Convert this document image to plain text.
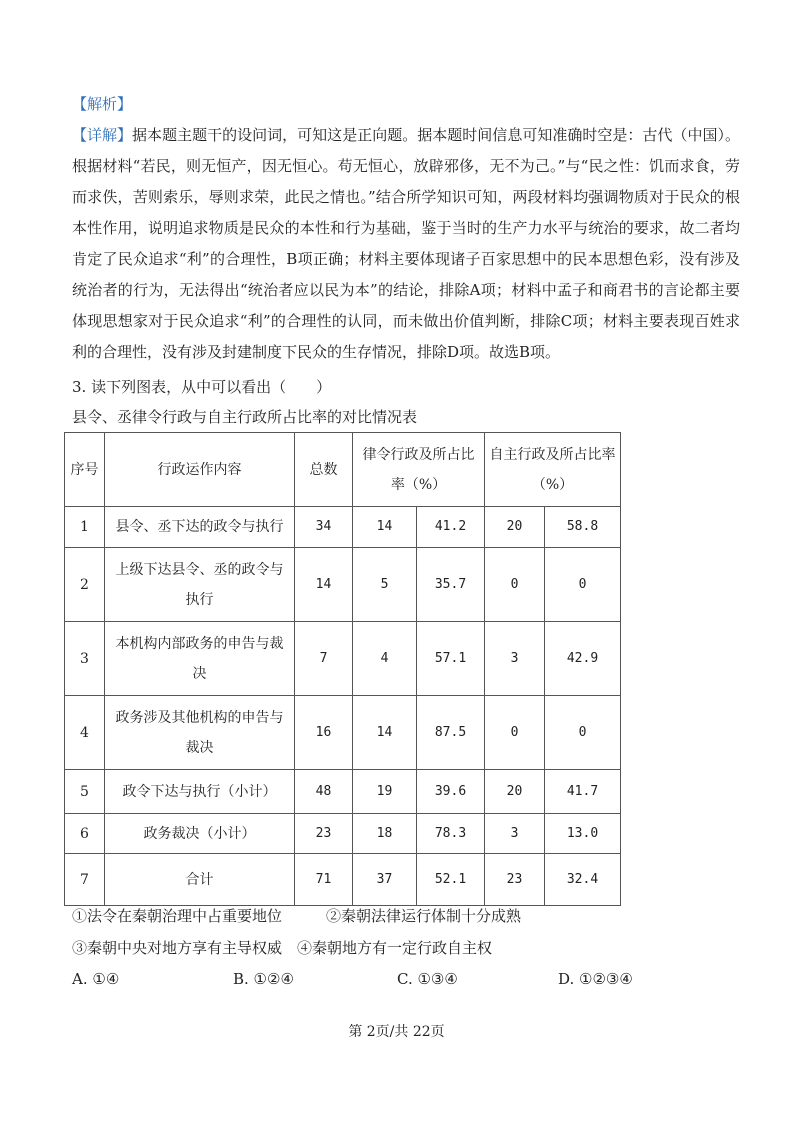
【解析】
【详解】据本题主题干的设问词，可知这是正向题。据本题时间信息可知准确时空是：古代（中国）。根据材料“若民，则无恒产，因无恒心。苟无恒心，放辟邪侈，无不为己。”与“民之性：饥而求食，劳而求佚，苦则索乐，辱则求荣，此民之情也。”结合所学知识可知，两段材料均强调物质对于民众的根本性作用，说明追求物质是民众的本性和行为基础，鉴于当时的生产力水平与统治的要求，故二者均肯定了民众追求“利”的合理性，B项正确；材料主要体现诸子百家思想中的民本思想色彩，没有涉及统治者的行为，无法得出“统治者应以民为本”的结论，排除A项；材料中孟子和商君书的言论都主要体现思想家对于民众追求“利”的合理性的认同，而未做出价值判断，排除C项；材料主要表现百姓求利的合理性，没有涉及封建制度下民众的生存情况，排除D项。故选B项。
3. 读下列图表，从中可以看出（　　）
县令、丞律令行政与自主行政所占比率的对比情况表
序号	行政运作内容	总数	律令行政及所占比率（%）		自主行政及所占比率（%）	
1	县令、丞下达的政令与执行	34	14	41.2	20	58.8
2	上级下达县令、丞的政令与执行	14	5	35.7	0	0
3	本机构内部政务的申告与裁决	7	4	57.1	3	42.9
4	政务涉及其他机构的申告与裁决	16	14	87.5	0	0
5	政令下达与执行（小计）	48	19	39.6	20	41.7
6	政务裁决（小计）	23	18	78.3	3	13.0
7	合计	71	37	52.1	23	32.4
①法令在秦朝治理中占重要地位	②秦朝法律运行体制十分成熟
③秦朝中央对地方享有主导权威 ④秦朝地方有一定行政自主权
A. ①④	B. ①②④	C. ①③④	D. ①②③④
第 2页/共 22页
